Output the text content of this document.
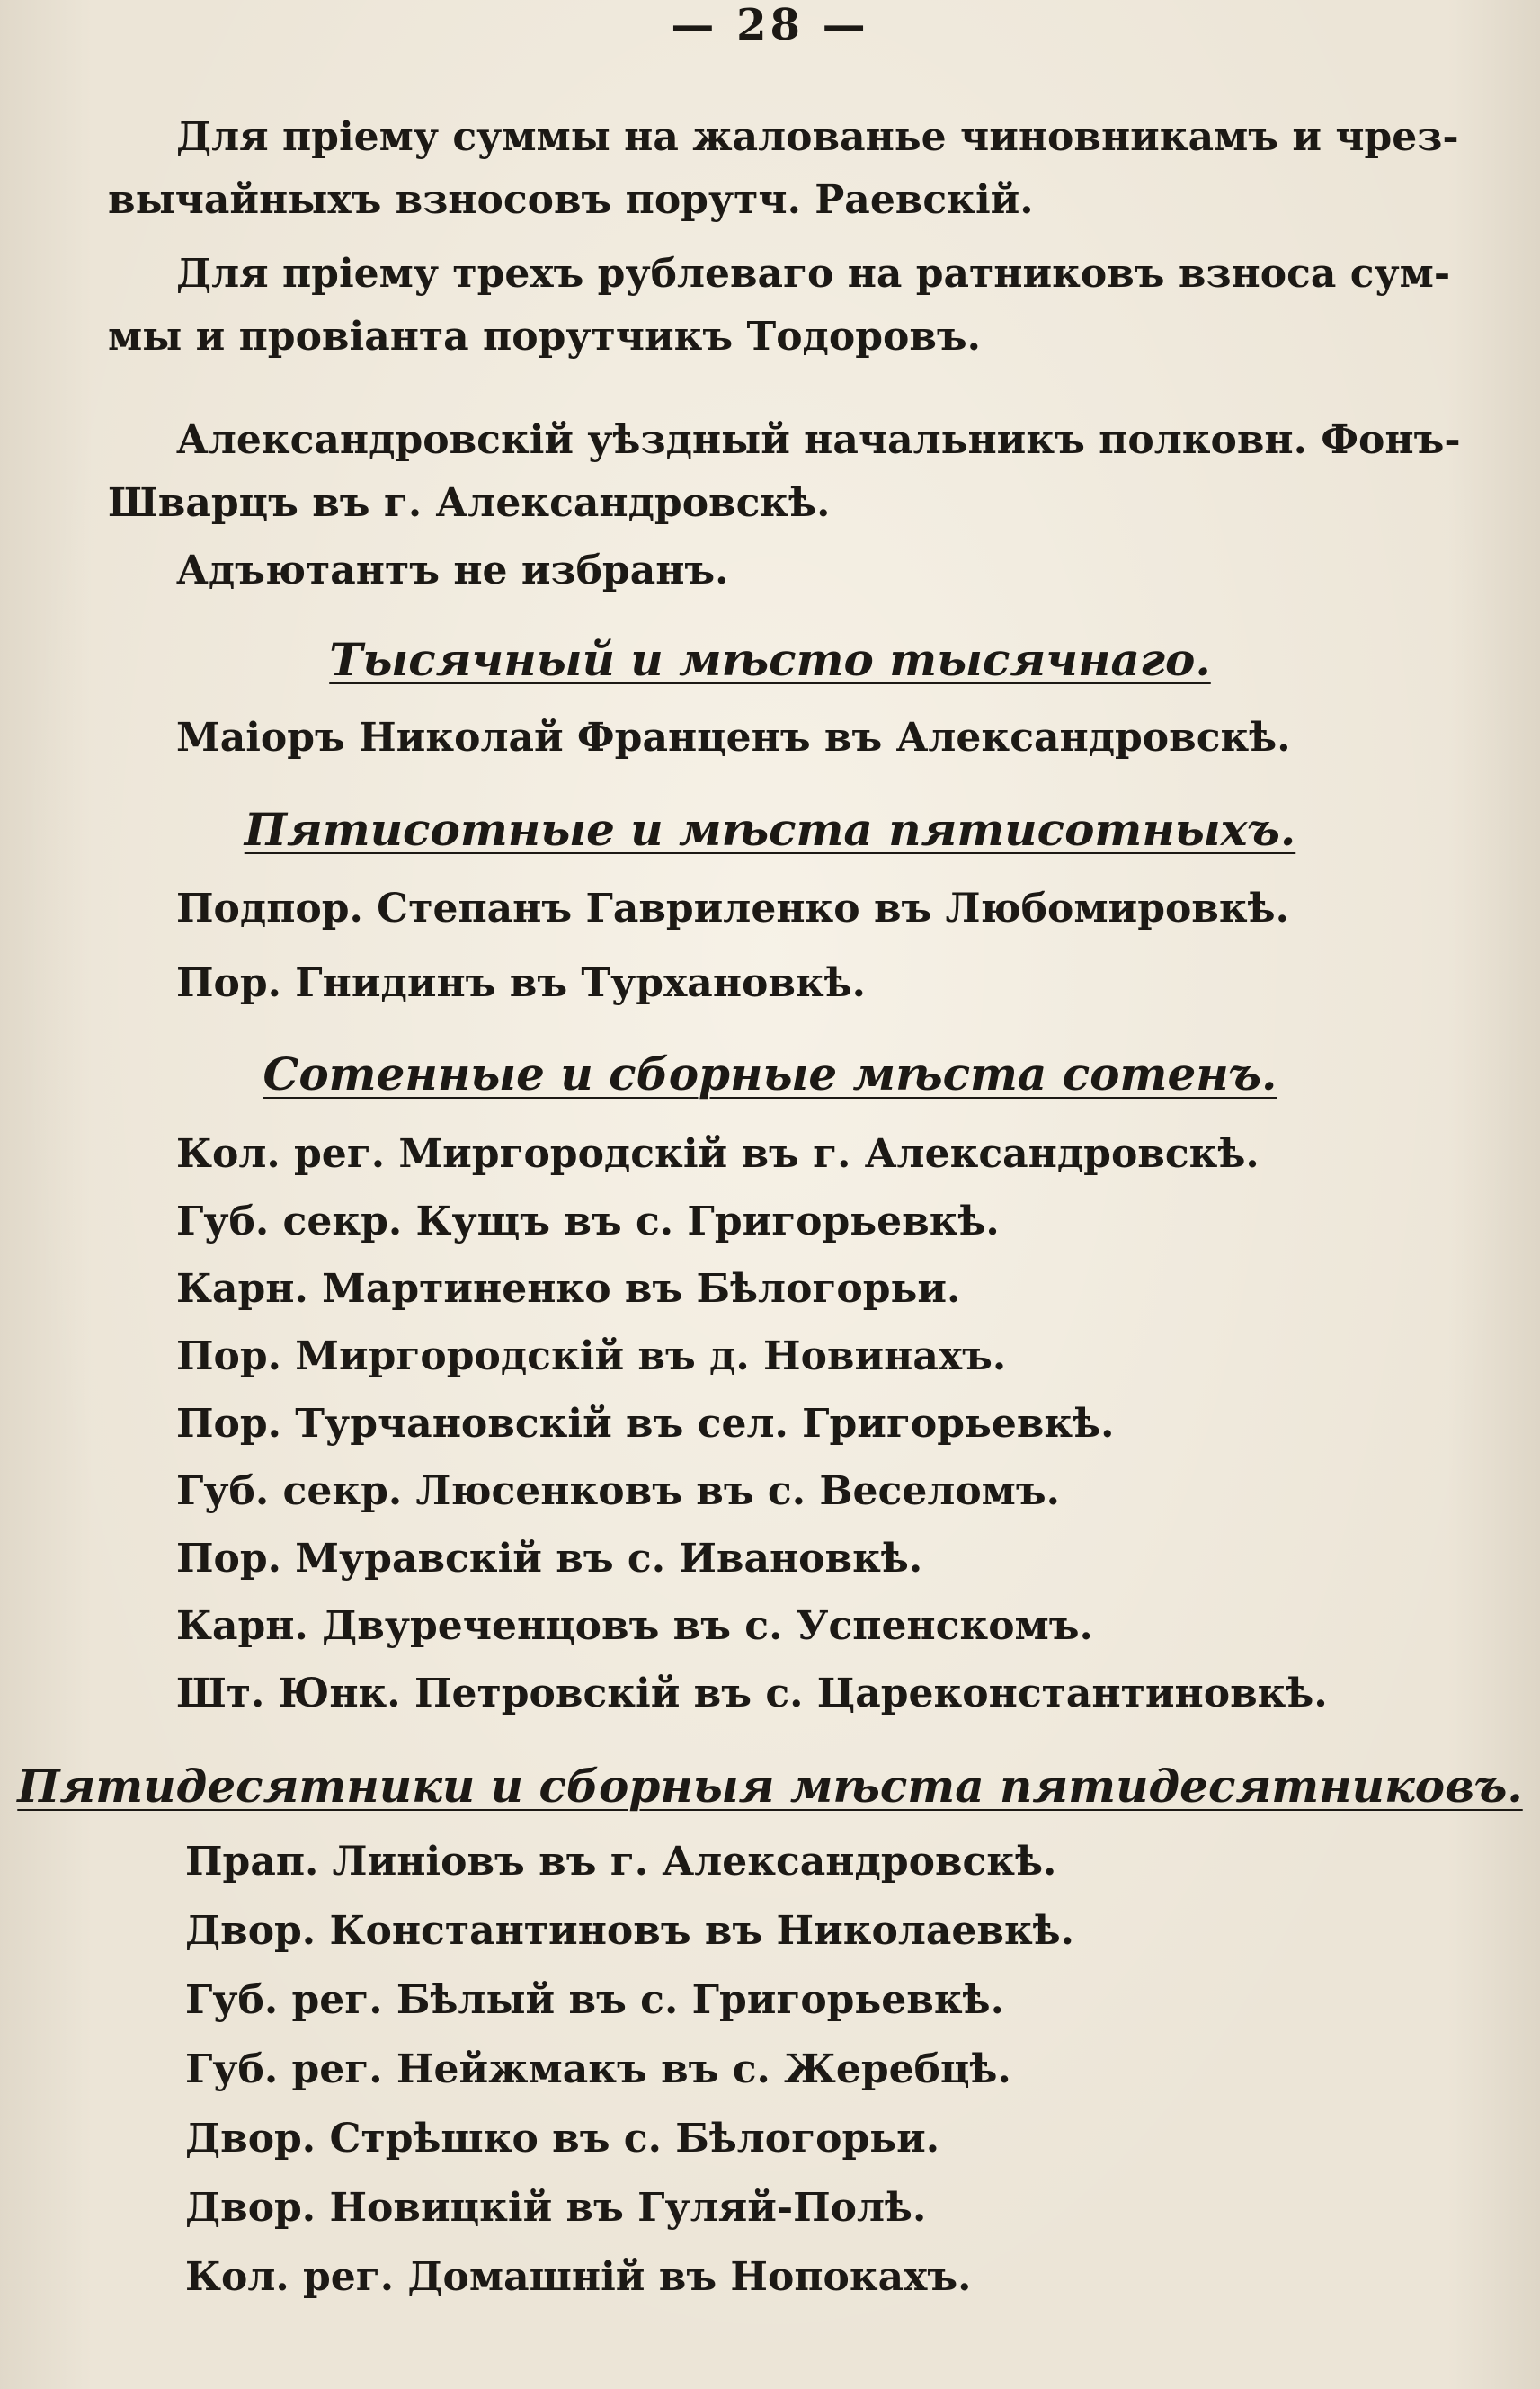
— 28 —
Для прiему суммы на жалованье чиновникамъ и чрез-
вычайныхъ взносовъ порутч. Раевскiй.
Для прiему трехъ рублеваго на ратниковъ взноса сум-
мы и провiанта порутчикъ Тодоровъ.
Александровскiй уѣздный начальникъ полковн. Фонъ-
Шварцъ въ г. Александровскѣ.
Адъютантъ не избранъ.
Тысячный и мѣсто тысячнаго.
Маiоръ Николай Франценъ въ Александровскѣ.
Пятисотные и мѣста пятисотныхъ.
Подпор. Степанъ Гавриленко въ Любомировкѣ.
Пор. Гнидинъ въ Турхановкѣ.
Сотенные и сборные мѣста сотенъ.
Кол. рег. Миргородскiй въ г. Александровскѣ.
Губ. секр. Кущъ въ с. Григорьевкѣ.
Карн. Мартиненко въ Бѣлогорьи.
Пор. Миргородскiй въ д. Новинахъ.
Пор. Турчановскiй въ сел. Григорьевкѣ.
Губ. секр. Люсенковъ въ с. Веселомъ.
Пор. Муравскiй въ с. Ивановкѣ.
Карн. Двуреченцовъ въ с. Успенскомъ.
Шт. Юнк. Петровскiй въ с. Цареконстантиновкѣ.
Пятидесятники и сборныя мѣста пятидесятниковъ.
Прап. Линiовъ въ г. Александровскѣ.
Двор. Константиновъ въ Николаевкѣ.
Губ. рег. Бѣлый въ с. Григорьевкѣ.
Губ. рег. Нейжмакъ въ с. Жеребцѣ.
Двор. Стрѣшко въ с. Бѣлогорьи.
Двор. Новицкiй въ Гуляй-Полѣ.
Кол. рег. Домашнiй въ Нопокахъ.
